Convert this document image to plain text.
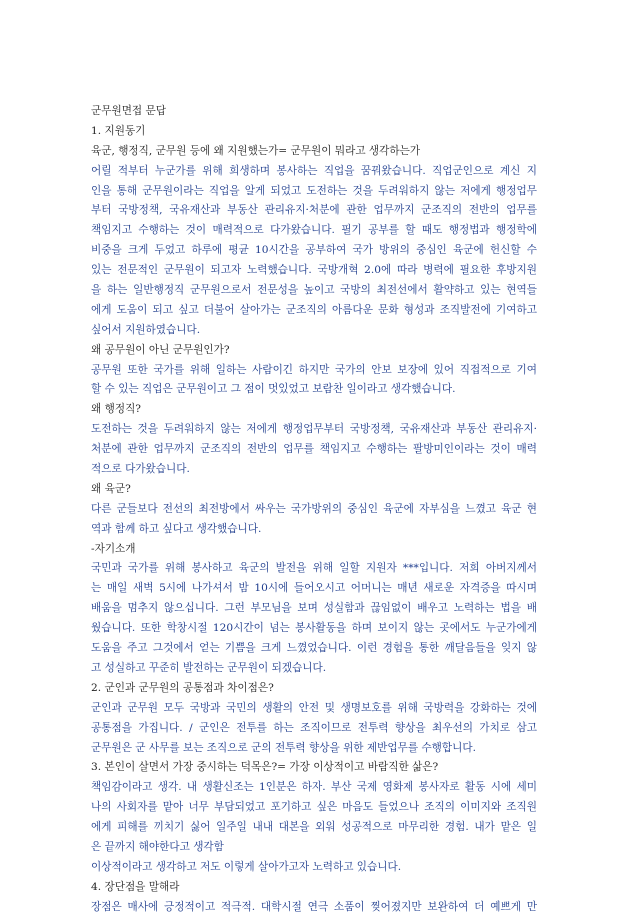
군무원면접 문답
1. 지원동기
육군, 행정직, 군무원 등에 왜 지원했는가= 군무원이 뭐라고 생각하는가
어릴 적부터 누군가를 위해 희생하며 봉사하는 직업을 꿈꿔왔습니다. 직업군인으로 계신 지
인을 통해 군무원이라는 직업을 알게 되었고 도전하는 것을 두려워하지 않는 저에게 행정업무
부터 국방정책, 국유재산과 부동산 관리유지·처분에 관한 업무까지 군조직의 전반의 업무를
책임지고 수행하는 것이 매력적으로 다가왔습니다. 필기 공부를 할 때도 행정법과 행정학에
비중을 크게 두었고 하루에 평균 10시간을 공부하여 국가 방위의 중심인 육군에 헌신할 수
있는 전문적인 군무원이 되고자 노력했습니다. 국방개혁 2.0에 따라 병력에 필요한 후방지원
을 하는 일반행정직 군무원으로서 전문성을 높이고 국방의 최전선에서 활약하고 있는 현역들
에게 도움이 되고 싶고 더불어 살아가는 군조직의 아름다운 문화 형성과 조직발전에 기여하고
싶어서 지원하였습니다.
왜 공무원이 아닌 군무원인가?
공무원 또한 국가를 위해 일하는 사람이긴 하지만 국가의 안보 보장에 있어 직접적으로 기여
할 수 있는 직업은 군무원이고 그 점이 멋있었고 보람찬 일이라고 생각했습니다.
왜 행정직?
도전하는 것을 두려워하지 않는 저에게 행정업무부터 국방정책, 국유재산과 부동산 관리유지·
처분에 관한 업무까지 군조직의 전반의 업무를 책임지고 수행하는 팔방미인이라는 것이 매력
적으로 다가왔습니다.
왜 육군?
다른 군들보다 전선의 최전방에서 싸우는 국가방위의 중심인 육군에 자부심을 느꼈고 육군 현
역과 함께 하고 싶다고 생각했습니다.
-자기소개
국민과 국가를 위해 봉사하고 육군의 발전을 위해 일할 지원자 ***입니다. 저희 아버지께서
는 매일 새벽 5시에 나가셔서 밤 10시에 들어오시고 어머니는 매년 새로운 자격증을 따시며
배움을 멈추지 않으십니다. 그런 부모님을 보며 성실함과 끊임없이 배우고 노력하는 법을 배
웠습니다. 또한 학창시절 120시간이 넘는 봉사활동을 하며 보이지 않는 곳에서도 누군가에게
도움을 주고 그것에서 얻는 기쁨을 크게 느꼈었습니다. 이런 경험을 통한 깨달음들을 잊지 않
고 성실하고 꾸준히 발전하는 군무원이 되겠습니다.
2. 군인과 군무원의 공통점과 차이점은?
군인과 군무원 모두 국방과 국민의 생활의 안전 및 생명보호를 위해 국방력을 강화하는 것에
공통점을 가집니다. / 군인은 전투를 하는 조직이므로 전투력 향상을 최우선의 가치로 삼고
군무원은 군 사무를 보는 조직으로 군의 전투력 향상을 위한 제반업무를 수행합니다.
3. 본인이 살면서 가장 중시하는 덕목은?= 가장 이상적이고 바람직한 삶은?
책임감이라고 생각. 내 생활신조는 1인분은 하자. 부산 국제 영화제 봉사자로 활동 시에 세미
나의 사회자를 맡아 너무 부담되었고 포기하고 싶은 마음도 들었으나 조직의 이미지와 조직원
에게 피해를 끼치기 싫어 일주일 내내 대본을 외워 성공적으로 마무리한 경험. 내가 맡은 일
은 끝까지 해야한다고 생각함
이상적이라고 생각하고 저도 이렇게 살아가고자 노력하고 있습니다.
4. 장단점을 말해라
장점은 매사에 긍정적이고 적극적. 대학시절 연극 소품이 찢어졌지만 보완하여 더 예쁘게 만
